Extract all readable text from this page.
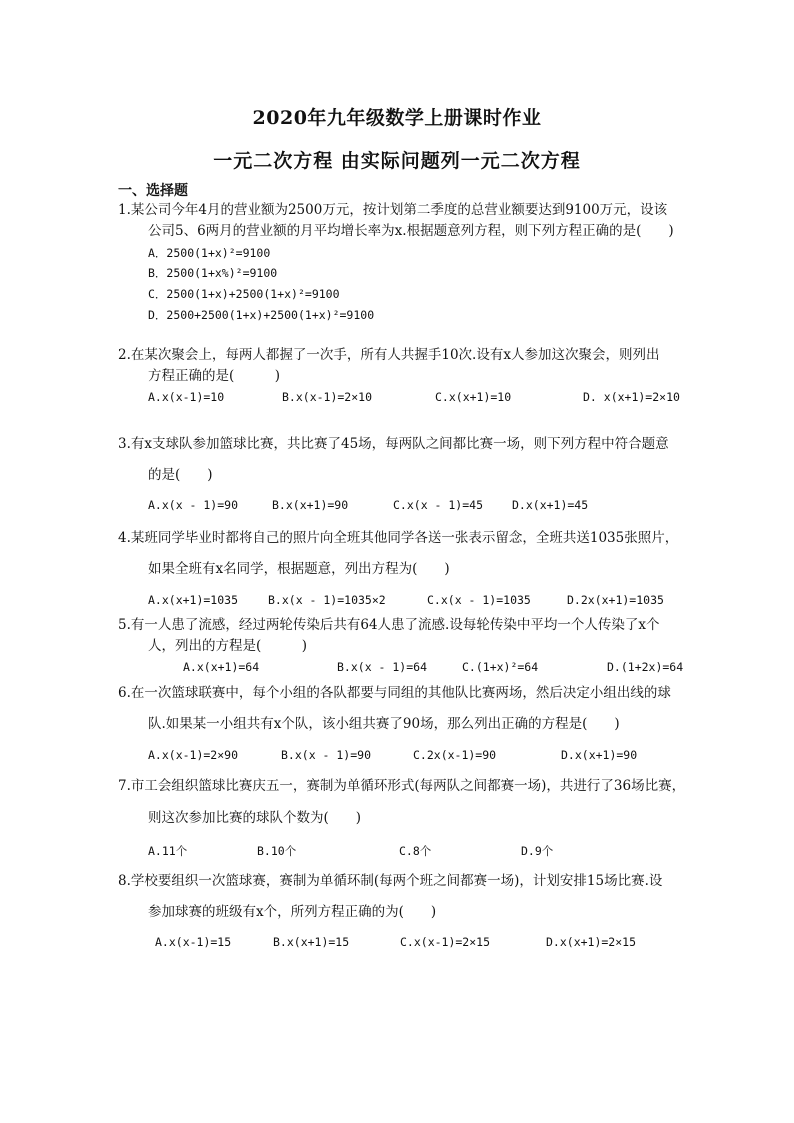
2020年九年级数学上册课时作业
一元二次方程 由实际问题列一元二次方程
一、选择题
1.某公司今年4月的营业额为2500万元，按计划第二季度的总营业额要达到9100万元，设该
公司5、6两月的营业额的月平均增长率为x.根据题意列方程，则下列方程正确的是(　　)
A．2500(1+x)²=9100
B．2500(1+x%)²=9100
C．2500(1+x)+2500(1+x)²=9100
D．2500+2500(1+x)+2500(1+x)²=9100
2.在某次聚会上，每两人都握了一次手，所有人共握手10次.设有x人参加这次聚会，则列出
方程正确的是(　　　)
A.x(x-1)=10	B.x(x-1)=2×10	C.x(x+1)=10	D. x(x+1)=2×10
3.有x支球队参加篮球比赛，共比赛了45场，每两队之间都比赛一场，则下列方程中符合题意
的是(　　)
A.x(x - 1)=90	B.x(x+1)=90	C.x(x - 1)=45	D.x(x+1)=45
4.某班同学毕业时都将自己的照片向全班其他同学各送一张表示留念，全班共送1035张照片，
如果全班有x名同学，根据题意，列出方程为(　　)
A.x(x+1)=1035	B.x(x - 1)=1035×2	C.x(x - 1)=1035	D.2x(x+1)=1035
5.有一人患了流感，经过两轮传染后共有64人患了流感.设每轮传染中平均一个人传染了x个
人，列出的方程是(　　　)
A.x(x+1)=64	B.x(x - 1)=64	C.(1+x)²=64	D.(1+2x)=64
6.在一次篮球联赛中，每个小组的各队都要与同组的其他队比赛两场，然后决定小组出线的球
队.如果某一小组共有x个队，该小组共赛了90场，那么列出正确的方程是(　　)
A.x(x-1)=2×90	B.x(x - 1)=90	C.2x(x-1)=90	D.x(x+1)=90
7.市工会组织篮球比赛庆五一，赛制为单循环形式(每两队之间都赛一场)，共进行了36场比赛，
则这次参加比赛的球队个数为(　　)
A.11个	B.10个	C.8个	D.9个
8.学校要组织一次篮球赛，赛制为单循环制(每两个班之间都赛一场)，计划安排15场比赛.设
参加球赛的班级有x个，所列方程正确的为(　　)
A.x(x-1)=15	B.x(x+1)=15	C.x(x-1)=2×15	D.x(x+1)=2×15
